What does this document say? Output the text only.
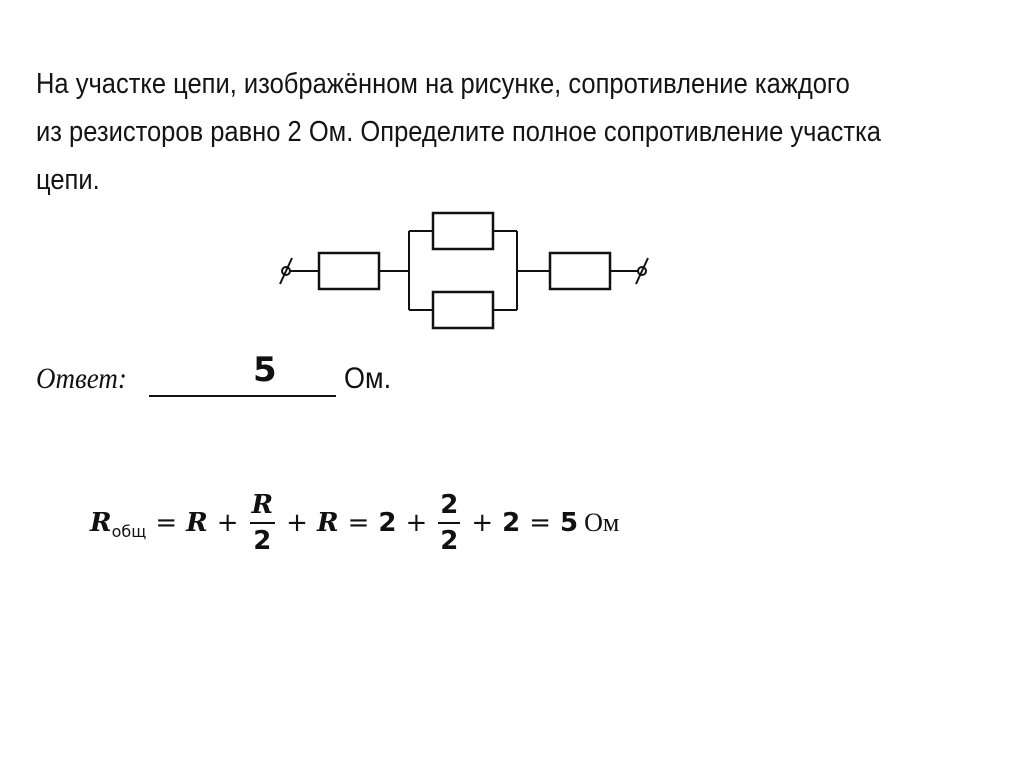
На участке цепи, изображённом на рисунке, сопротивление каждого
из резисторов равно 2 Ом. Определите полное сопротивление участка
цепи.
Ответ:	5 Ом.
$R_{общ} = R + \frac{R}{2} + R = 2 + \frac{2}{2} + 2 = 5$ Ом
